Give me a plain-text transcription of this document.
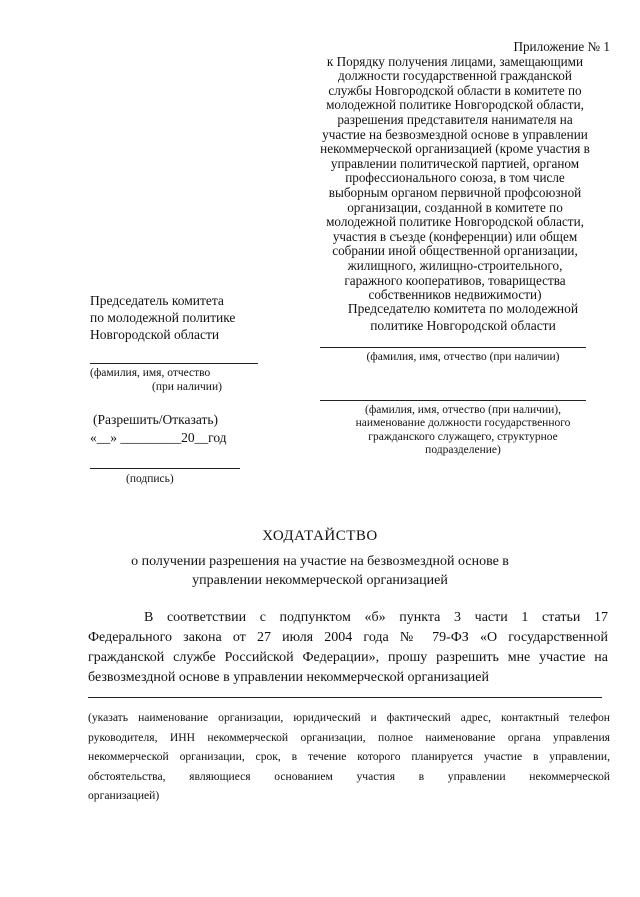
Приложение № 1
к Порядку получения лицами, замещающими
должности государственной гражданской
службы Новгородской области в комитете по
молодежной политике Новгородской области,
разрешения представителя нанимателя на
участие на безвозмездной основе в управлении
некоммерческой организацией (кроме участия в
управлении политической партией, органом
профессионального союза, в том числе
выборным органом первичной профсоюзной
организации, созданной в комитете по
молодежной политике Новгородской области,
участия в съезде (конференции) или общем
собрании иной общественной организации,
жилищного, жилищно-строительного,
гаражного кооперативов, товарищества
собственников недвижимости)
Председатель комитета
по молодежной политике
Новгородской области
(фамилия, имя, отчество
(при наличии)
(Разрешить/Отказать)
«__» _________20__год
(подпись)
Председателю комитета по молодежной
политике Новгородской области
(фамилия, имя, отчество (при наличии)
(фамилия, имя, отчество (при наличии),
наименование должности государственного
гражданского служащего, структурное
подразделение)
ХОДАТАЙСТВО
о получении разрешения на участие на безвозмездной основе в
управлении некоммерческой организацией
В соответствии с подпунктом «б» пункта 3 части 1 статьи 17
Федерального закона от 27 июля 2004 года № 79-ФЗ «О государственной
гражданской службе Российской Федерации», прошу разрешить мне участие на
безвозмездной основе в управлении некоммерческой организацией
(указать наименование организации, юридический и фактический адрес, контактный телефон
руководителя, ИНН некоммерческой организации, полное наименование органа управления
некоммерческой организации, срок, в течение которого планируется участие в управлении,
обстоятельства, являющиеся основанием участия в управлении некоммерческой
организацией)
